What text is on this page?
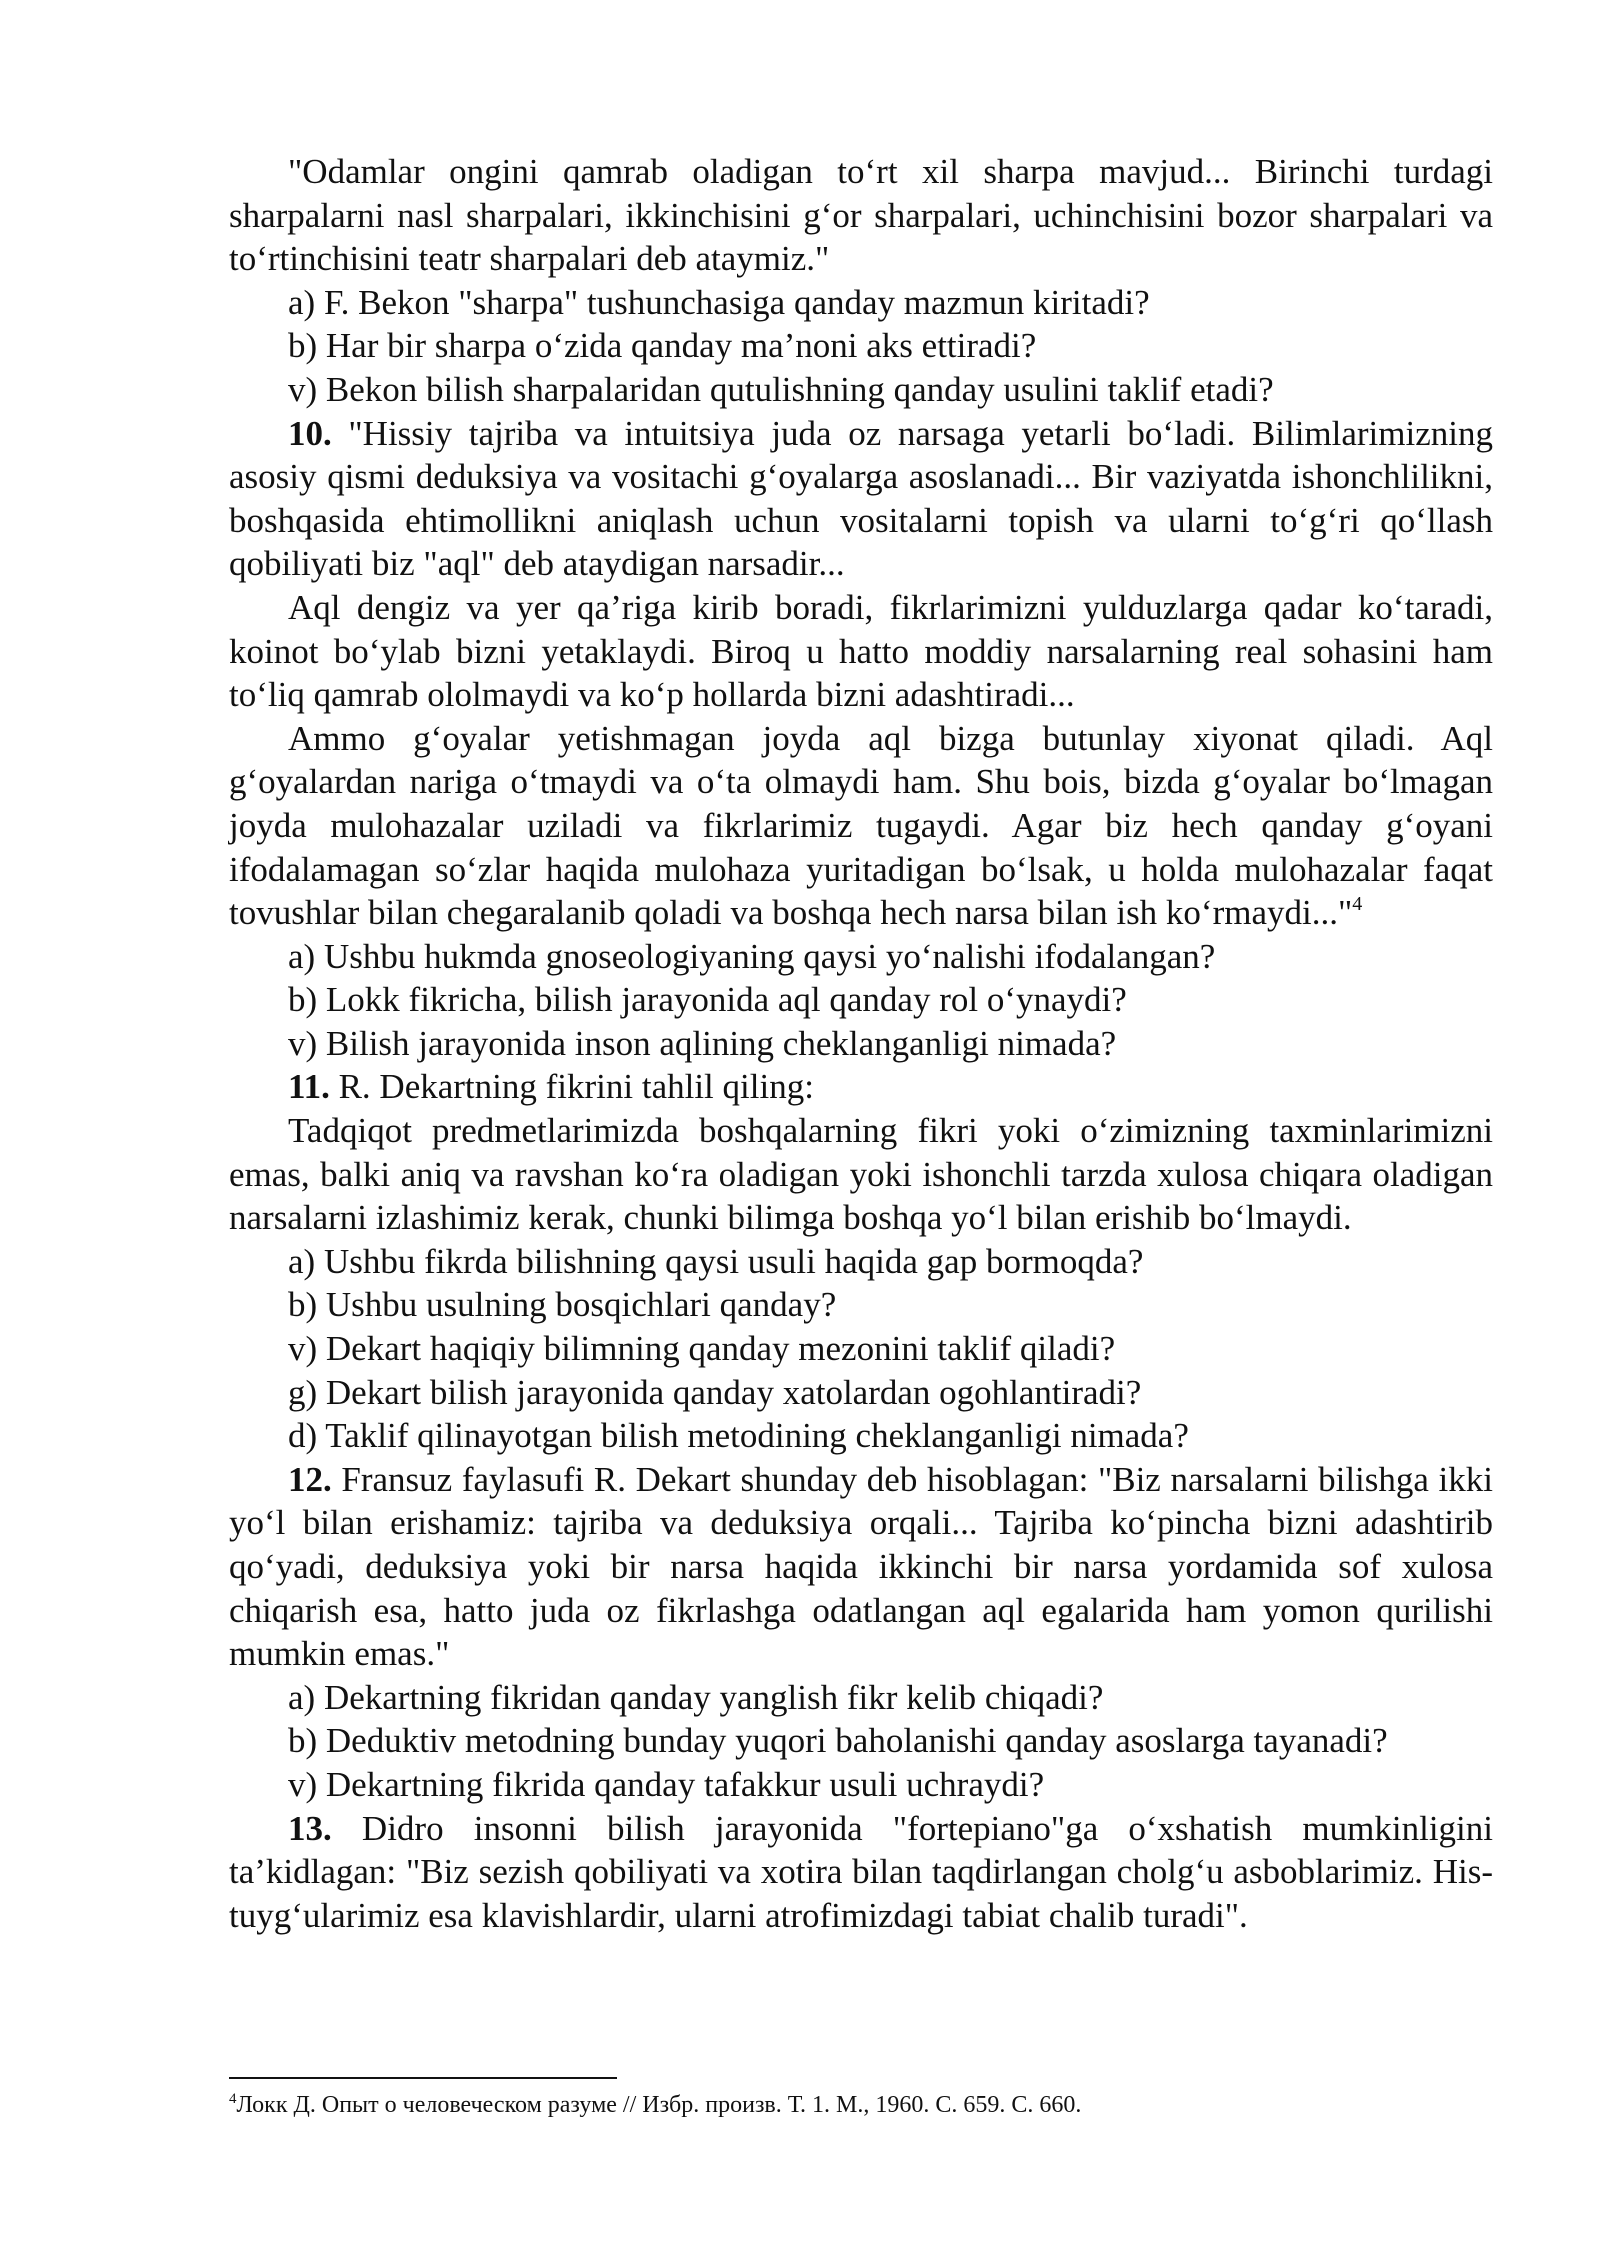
"Odamlar ongini qamrab oladigan to‘rt xil sharpa mavjud... Birinchi turdagi sharpalarni nasl sharpalari, ikkinchisini g‘or sharpalari, uchinchisini bozor sharpalari va to‘rtinchisini teatr sharpalari deb ataymiz."

a) F. Bekon "sharpa" tushunchasiga qanday mazmun kiritadi?

b) Har bir sharpa o‘zida qanday ma’noni aks ettiradi?

v) Bekon bilish sharpalaridan qutulishning qanday usulini taklif etadi?

10. "Hissiy tajriba va intuitsiya juda oz narsaga yetarli bo‘ladi. Bilimlarimizning asosiy qismi deduksiya va vositachi g‘oyalarga asoslanadi... Bir vaziyatda ishonchlilikni, boshqasida ehtimollikni aniqlash uchun vositalarni topish va ularni to‘g‘ri qo‘llash qobiliyati biz "aql" deb ataydigan narsadir...

Aql dengiz va yer qa’riga kirib boradi, fikrlarimizni yulduzlarga qadar ko‘taradi, koinot bo‘ylab bizni yetaklaydi. Biroq u hatto moddiy narsalarning real sohasini ham to‘liq qamrab ololmaydi va ko‘p hollarda bizni adashtiradi...

Ammo g‘oyalar yetishmagan joyda aql bizga butunlay xiyonat qiladi. Aql g‘oyalardan nariga o‘tmaydi va o‘ta olmaydi ham. Shu bois, bizda g‘oyalar bo‘lmagan joyda mulohazalar uziladi va fikrlarimiz tugaydi. Agar biz hech qanday g‘oyani ifodalamagan so‘zlar haqida mulohaza yuritadigan bo‘lsak, u holda mulohazalar faqat tovushlar bilan chegaralanib qoladi va boshqa hech narsa bilan ish ko‘rmaydi..."$^4$

a) Ushbu hukmda gnoseologiyaning qaysi yo‘nalishi ifodalangan?

b) Lokk fikricha, bilish jarayonida aql qanday rol o‘ynaydi?

v) Bilish jarayonida inson aqlining cheklanganligi nimada?

11. R. Dekartning fikrini tahlil qiling:

Tadqiqot predmetlarimizda boshqalarning fikri yoki o‘zimizning taxminlarimizni emas, balki aniq va ravshan ko‘ra oladigan yoki ishonchli tarzda xulosa chiqara oladigan narsalarni izlashimiz kerak, chunki bilimga boshqa yo‘l bilan erishib bo‘lmaydi.

a) Ushbu fikrda bilishning qaysi usuli haqida gap bormoqda?

b) Ushbu usulning bosqichlari qanday?

v) Dekart haqiqiy bilimning qanday mezonini taklif qiladi?

g) Dekart bilish jarayonida qanday xatolardan ogohlantiradi?

d) Taklif qilinayotgan bilish metodining cheklanganligi nimada?

12. Fransuz faylasufi R. Dekart shunday deb hisoblagan: "Biz narsalarni bilishga ikki yo‘l bilan erishamiz: tajriba va deduksiya orqali... Tajriba ko‘pincha bizni adashtirib qo‘yadi, deduksiya yoki bir narsa haqida ikkinchi bir narsa yordamida sof xulosa chiqarish esa, hatto juda oz fikrlashga odatlangan aql egalarida ham yomon qurilishi mumkin emas."

a) Dekartning fikridan qanday yanglish fikr kelib chiqadi?

b) Deduktiv metodning bunday yuqori baholanishi qanday asoslarga tayanadi?

v) Dekartning fikrida qanday tafakkur usuli uchraydi?

13. Didro insonni bilish jarayonida "fortepiano"ga o‘xshatish mumkinligini ta’kidlagan: "Biz sezish qobiliyati va xotira bilan taqdirlangan cholg‘u asboblarimiz. His-tuyg‘ularimiz esa klavishlardir, ularni atrofimizdagi tabiat chalib turadi".

$^4$Локк Д. Опыт о человеческом разуме // Избр. произв. Т. 1. М., 1960. С. 659. С. 660.
